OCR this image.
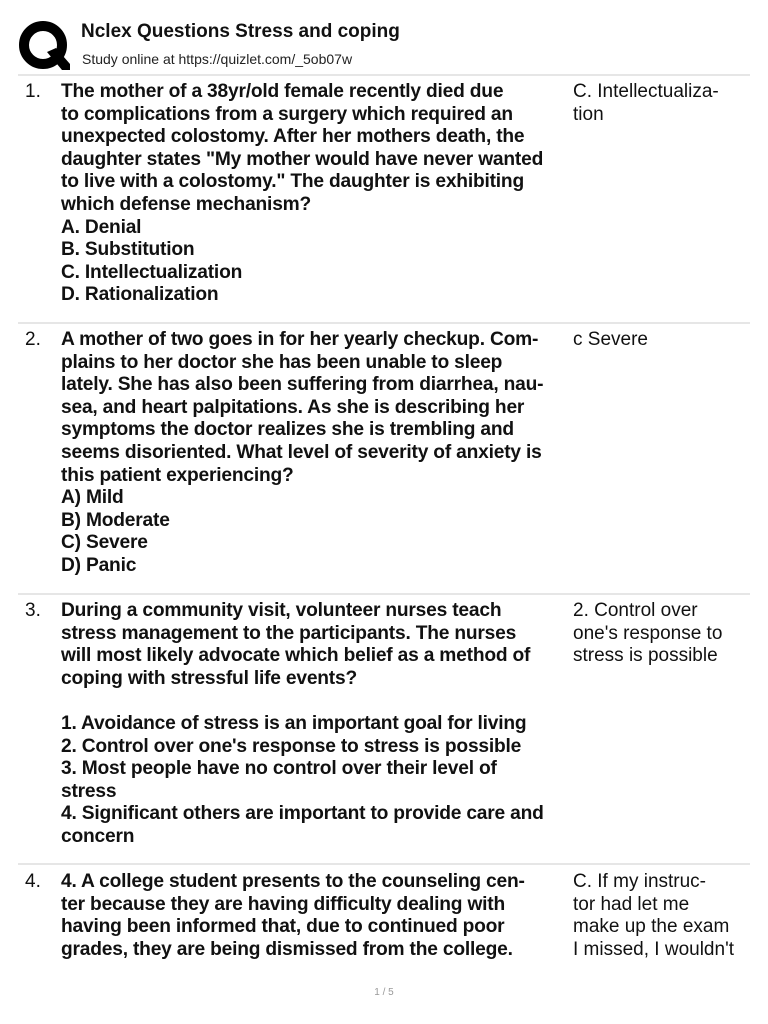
Nclex Questions Stress and coping
Study online at https://quizlet.com/_5ob07w
1. The mother of a 38yr/old female recently died due
to complications from a surgery which required an
unexpected colostomy. After her mothers death, the
daughter states "My mother would have never wanted
to live with a colostomy." The daughter is exhibiting
which defense mechanism?
A. Denial
B. Substitution
C. Intellectualization
D. Rationalization
C. Intellectualiza-
tion
2. A mother of two goes in for her yearly checkup. Com-
plains to her doctor she has been unable to sleep
lately. She has also been suffering from diarrhea, nau-
sea, and heart palpitations. As she is describing her
symptoms the doctor realizes she is trembling and
seems disoriented. What level of severity of anxiety is
this patient experiencing?
A) Mild
B) Moderate
C) Severe
D) Panic
c Severe
3. During a community visit, volunteer nurses teach
stress management to the participants. The nurses
will most likely advocate which belief as a method of
coping with stressful life events?
1. Avoidance of stress is an important goal for living
2. Control over one's response to stress is possible
3. Most people have no control over their level of
stress
4. Significant others are important to provide care and
concern
2. Control over
one's response to
stress is possible
4. 4. A college student presents to the counseling cen-
ter because they are having difficulty dealing with
having been informed that, due to continued poor
grades, they are being dismissed from the college.
C. If my instruc-
tor had let me
make up the exam
I missed, I wouldn't
1 / 5
